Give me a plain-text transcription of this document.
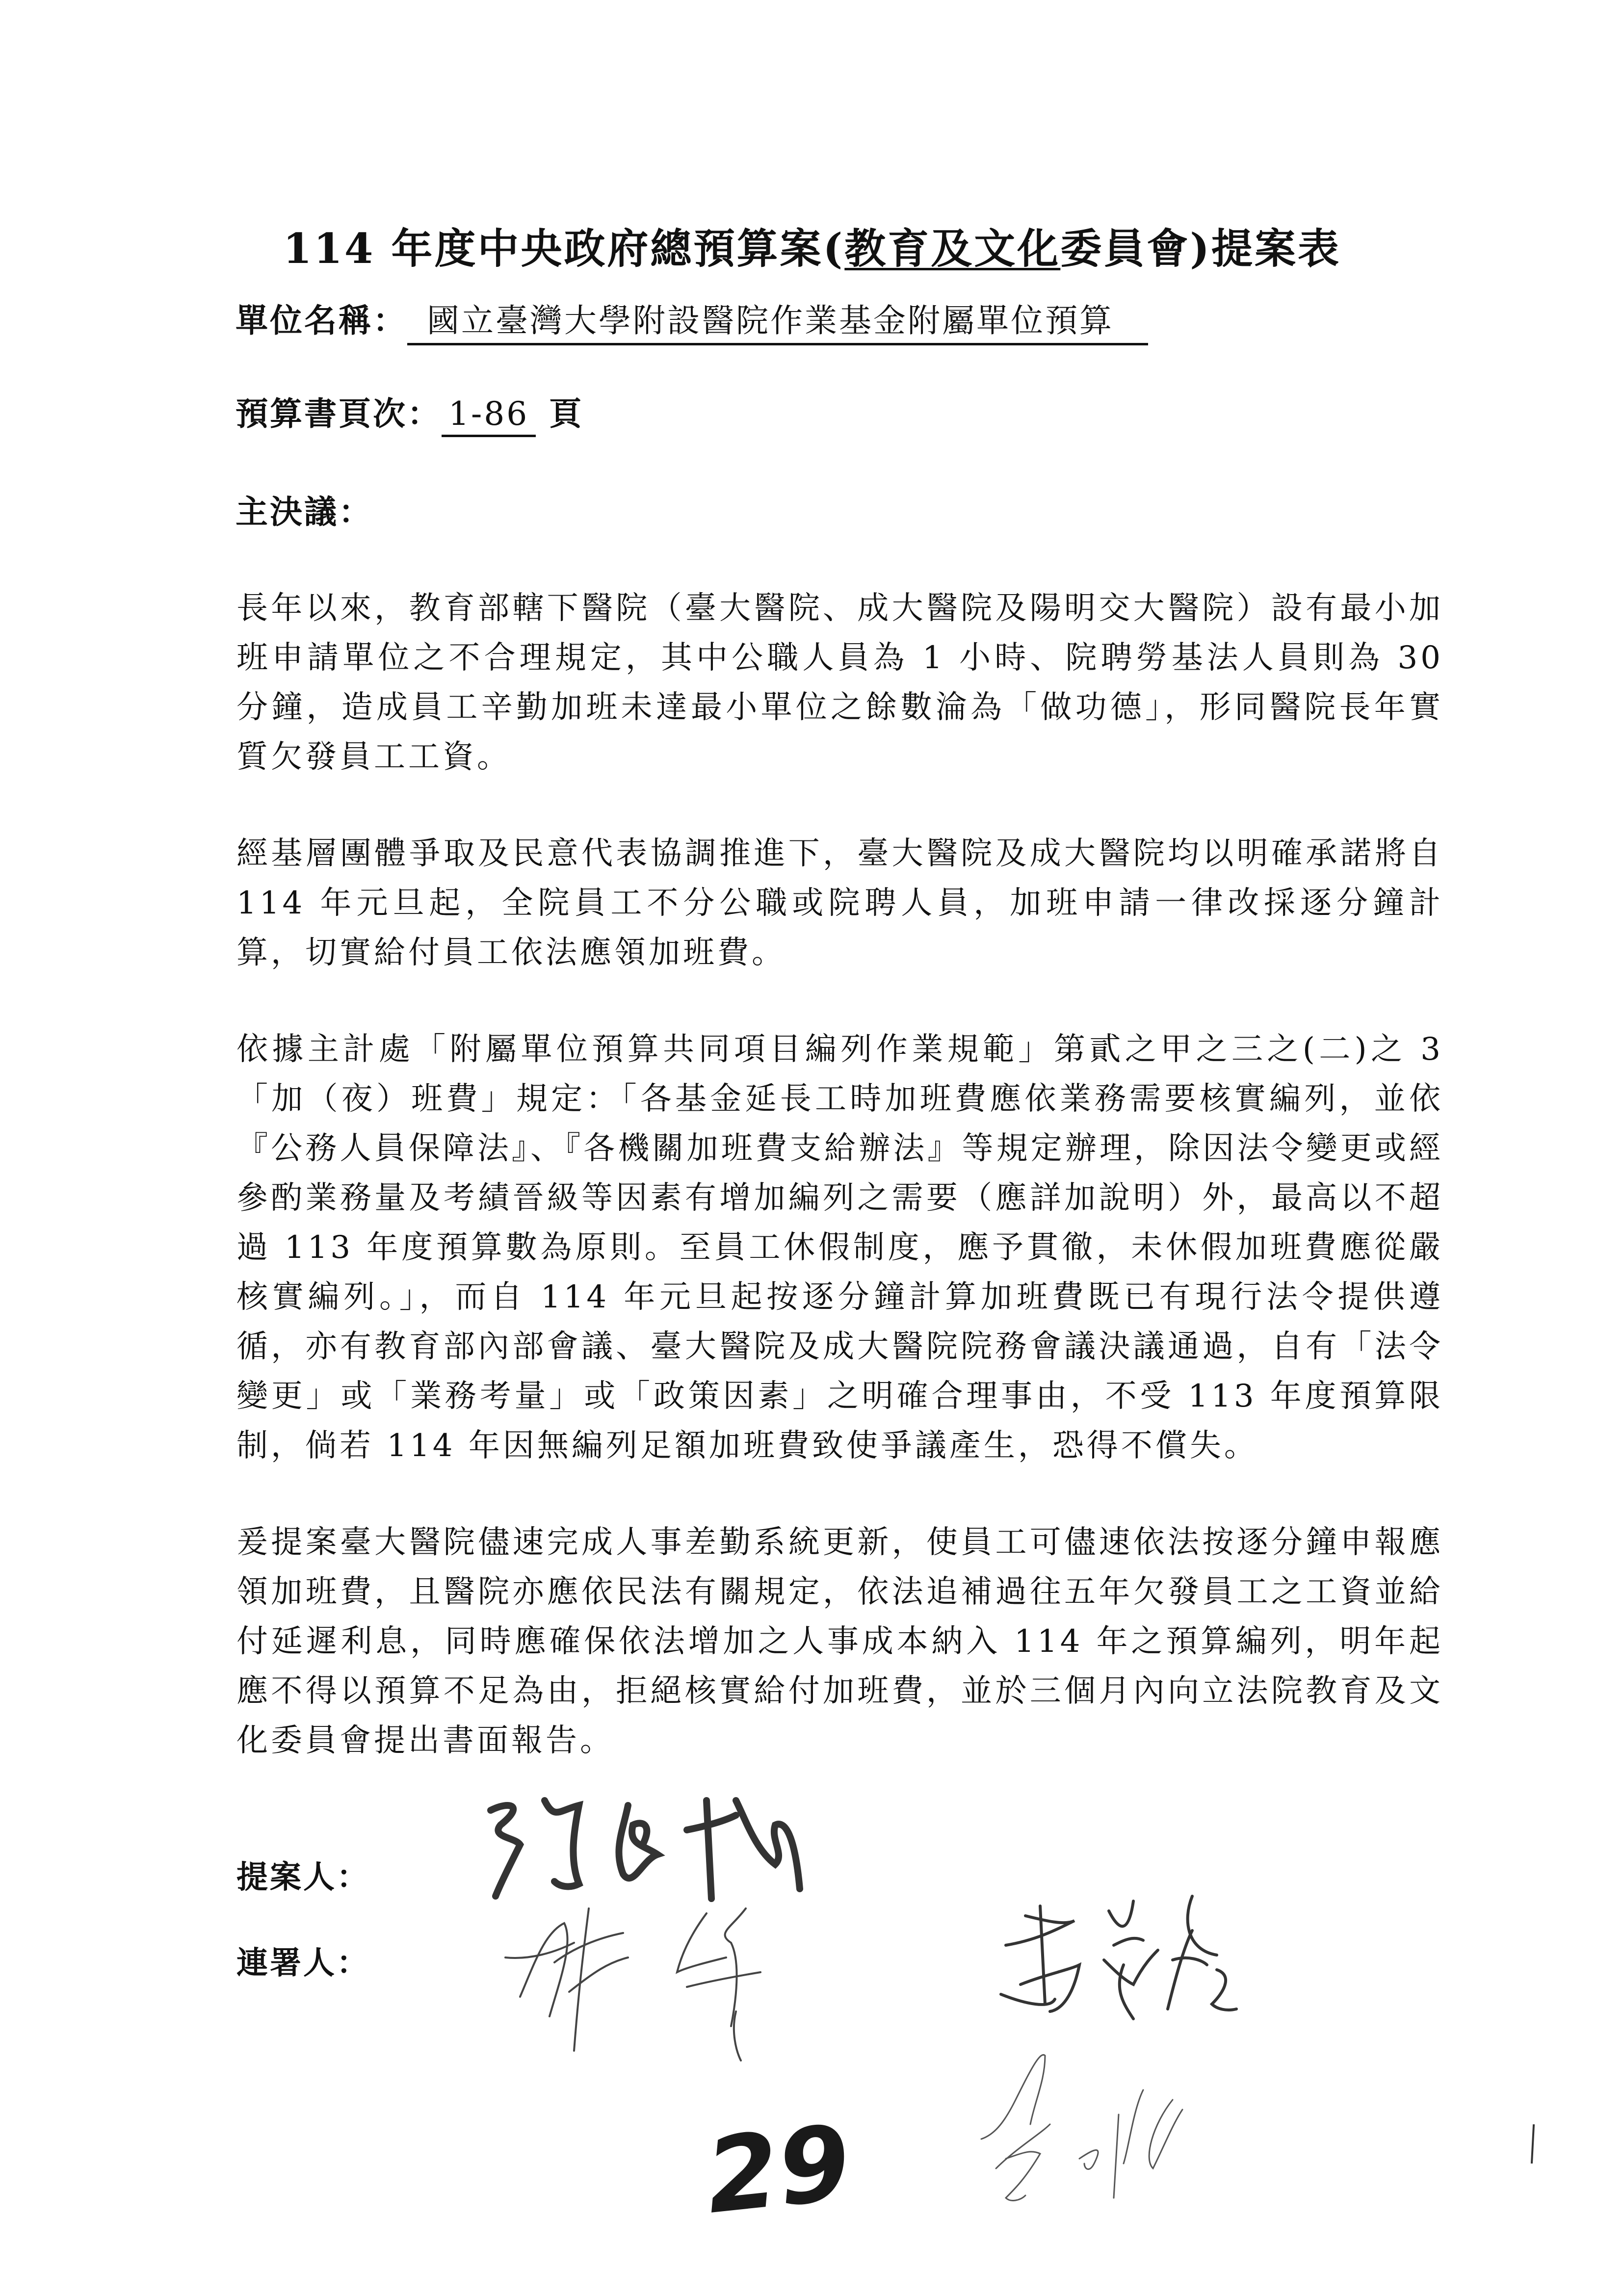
114 年度中央政府總預算案(教育及文化委員會)提案表
單位名稱： 國立臺灣大學附設醫院作業基金附屬單位預算
預算書頁次： 1-86 頁
主決議：

長年以來，教育部轄下醫院（臺大醫院、成大醫院及陽明交大醫院）設有最小加班申請單位之不合理規定，其中公職人員為 1 小時、院聘勞基法人員則為 30 分鐘，造成員工辛勤加班未達最小單位之餘數淪為「做功德」，形同醫院長年實質欠發員工工資。

經基層團體爭取及民意代表協調推進下，臺大醫院及成大醫院均以明確承諾將自 114 年元旦起，全院員工不分公職或院聘人員，加班申請一律改採逐分鐘計算，切實給付員工依法應領加班費。

依據主計處「附屬單位預算共同項目編列作業規範」第貳之甲之三之(二)之 3「加（夜）班費」規定：「各基金延長工時加班費應依業務需要核實編列，並依『公務人員保障法』、『各機關加班費支給辦法』等規定辦理，除因法令變更或經參酌業務量及考績晉級等因素有增加編列之需要（應詳加說明）外，最高以不超過 113 年度預算數為原則。至員工休假制度，應予貫徹，未休假加班費應從嚴核實編列。」，而自 114 年元旦起按逐分鐘計算加班費既已有現行法令提供遵循，亦有教育部內部會議、臺大醫院及成大醫院院務會議決議通過，自有「法令變更」或「業務考量」或「政策因素」之明確合理事由，不受 113 年度預算限制，倘若 114 年因無編列足額加班費致使爭議產生，恐得不償失。

爰提案臺大醫院儘速完成人事差勤系統更新，使員工可儘速依法按逐分鐘申報應領加班費，且醫院亦應依民法有關規定，依法追補過往五年欠發員工之工資並給付延遲利息，同時應確保依法增加之人事成本納入 114 年之預算編列，明年起應不得以預算不足為由，拒絕核實給付加班費，並於三個月內向立法院教育及文化委員會提出書面報告。

提案人：
連署人：
29
